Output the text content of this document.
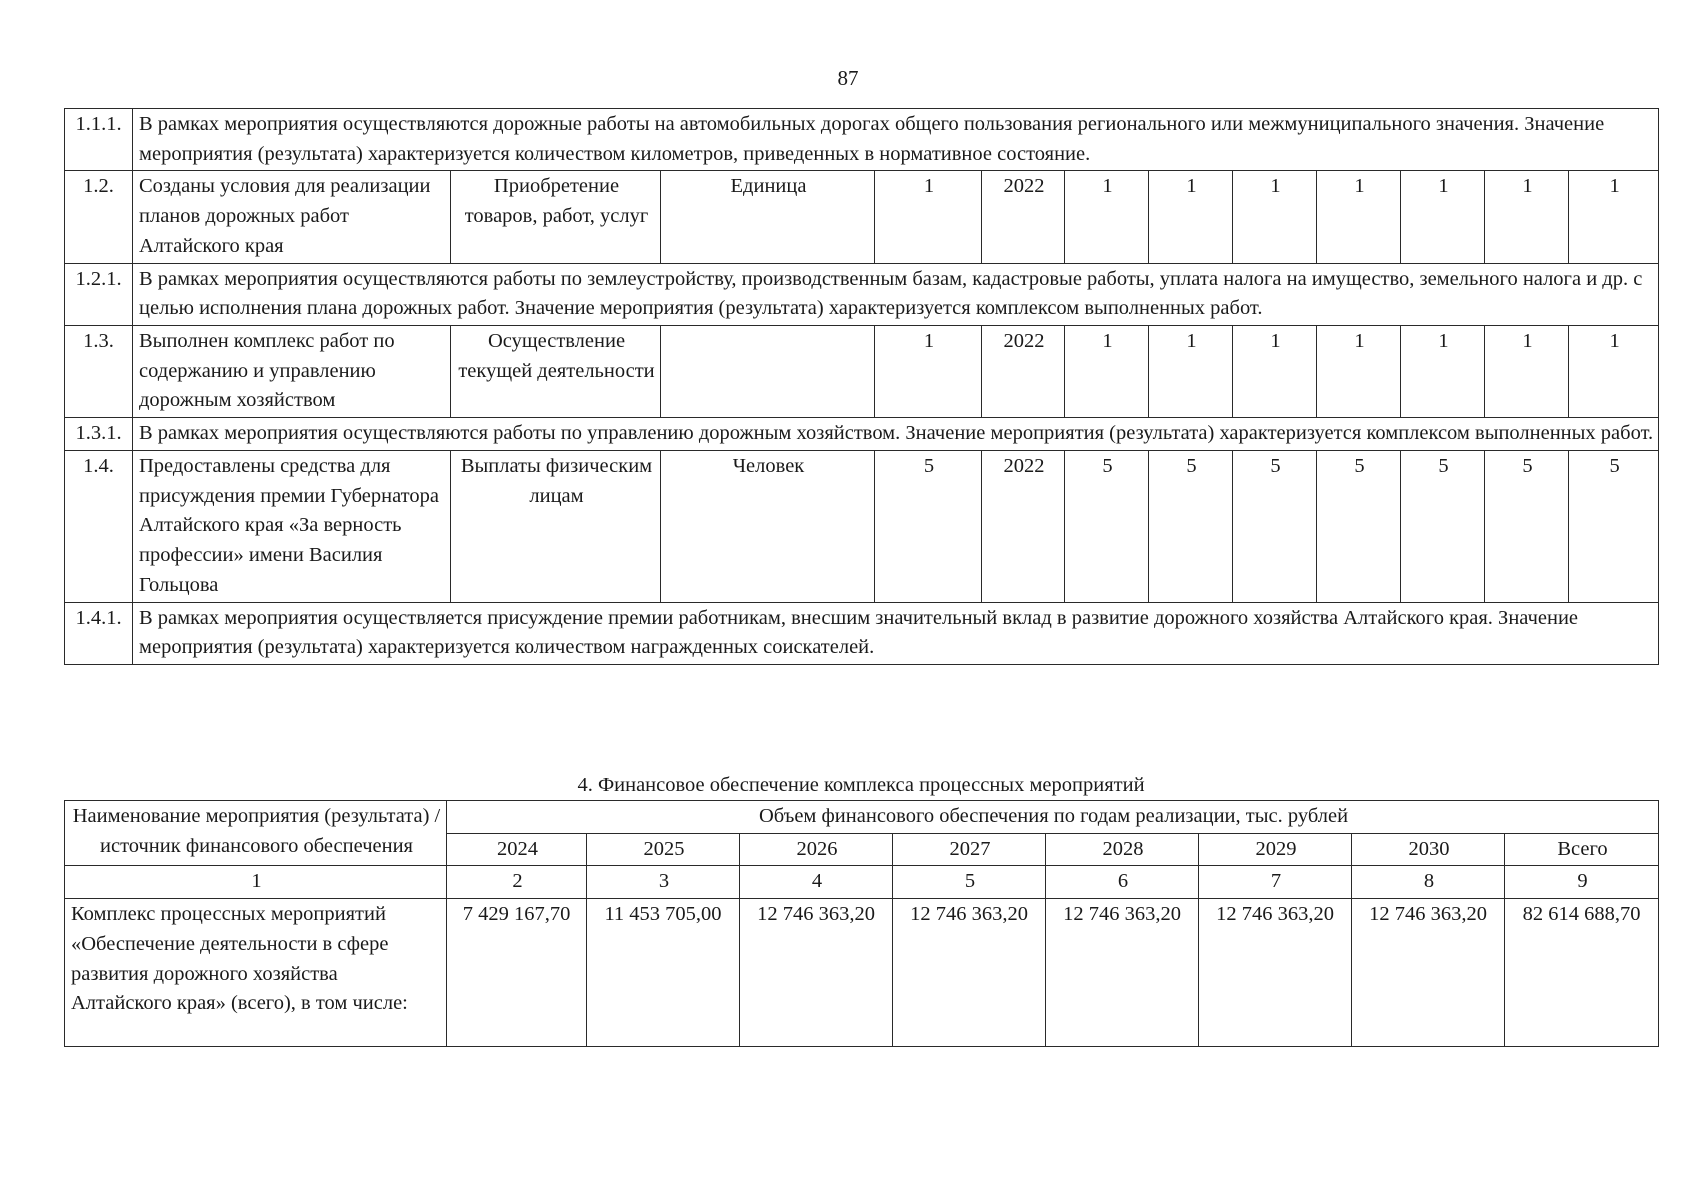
87
1.1.1.	В рамках мероприятия осуществляются дорожные работы на автомобильных дорогах общего пользования регионального или межмуниципального значения. Значение мероприятия (результата) характеризуется количеством километров, приведенных в нормативное состояние.											
1.2.	Созданы условия для реализации планов дорожных работ Алтайского края	Приобретение товаров, работ, услуг	Единица	1	2022	1	1	1	1	1	1	1
1.2.1.	В рамках мероприятия осуществляются работы по землеустройству, производственным базам, кадастровые работы, уплата налога на имущество, земельного налога и др. с целью исполнения плана дорожных работ. Значение мероприятия (результата) характеризуется комплексом выполненных работ.											
1.3.	Выполнен комплекс работ по содержанию и управлению дорожным хозяйством	Осуществление текущей деятельности		1	2022	1	1	1	1	1	1	1
1.3.1.	В рамках мероприятия осуществляются работы по управлению дорожным хозяйством. Значение мероприятия (результата) характеризуется комплексом выполненных работ.											
1.4.	Предоставлены средства для присуждения премии Губернатора Алтайского края «За верность профессии» имени Василия Гольцова	Выплаты физическим лицам	Человек	5	2022	5	5	5	5	5	5	5
1.4.1.	В рамках мероприятия осуществляется присуждение премии работникам, внесшим значительный вклад в развитие дорожного хозяйства Алтайского края. Значение мероприятия (результата) характеризуется количеством награжденных соискателей.											
4. Финансовое обеспечение комплекса процессных мероприятий
Наименование мероприятия (результата) / источник финансового обеспечения	Объем финансового обеспечения по годам реализации, тыс. рублей							
	2024	2025	2026	2027	2028	2029	2030	Всего
1	2	3	4	5	6	7	8	9
Комплекс процессных мероприятий «Обеспечение деятельности в сфере развития дорожного хозяйства Алтайского края» (всего), в том числе:	7 429 167,70	11 453 705,00	12 746 363,20	12 746 363,20	12 746 363,20	12 746 363,20	12 746 363,20	82 614 688,70
